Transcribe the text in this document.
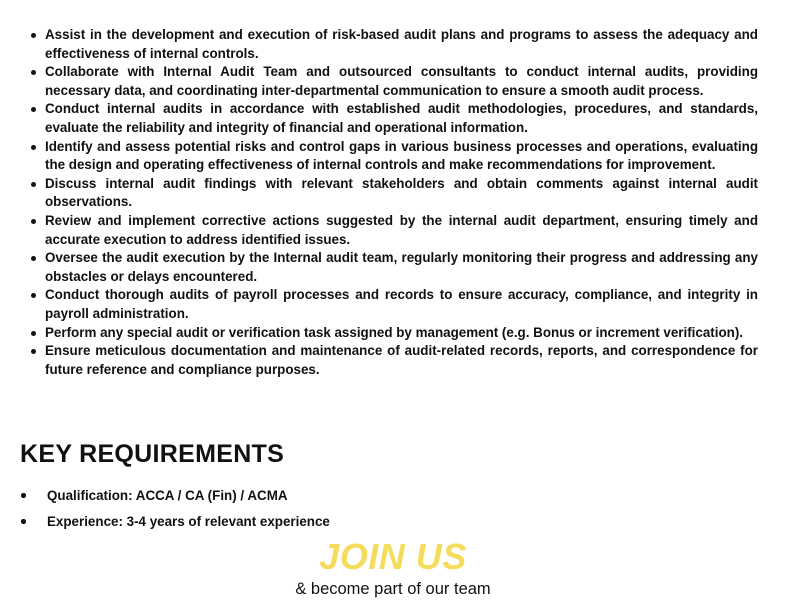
Assist in the development and execution of risk-based audit plans and programs to assess the adequacy and effectiveness of internal controls.
Collaborate with Internal Audit Team and outsourced consultants to conduct internal audits, providing necessary data, and coordinating inter-departmental communication to ensure a smooth audit process.
Conduct internal audits in accordance with established audit methodologies, procedures, and standards, evaluate the reliability and integrity of financial and operational information.
Identify and assess potential risks and control gaps in various business processes and operations, evaluating the design and operating effectiveness of internal controls and make recommendations for improvement.
Discuss internal audit findings with relevant stakeholders and obtain comments against internal audit observations.
Review and implement corrective actions suggested by the internal audit department, ensuring timely and accurate execution to address identified issues.
Oversee the audit execution by the Internal audit team, regularly monitoring their progress and addressing any obstacles or delays encountered.
Conduct thorough audits of payroll processes and records to ensure accuracy, compliance, and integrity in payroll administration.
Perform any special audit or verification task assigned by management (e.g. Bonus or increment verification).
Ensure meticulous documentation and maintenance of audit-related records, reports, and correspondence for future reference and compliance purposes.
KEY REQUIREMENTS
Qualification: ACCA / CA (Fin) / ACMA
Experience: 3-4 years of relevant experience
JOIN US
& become part of our team
